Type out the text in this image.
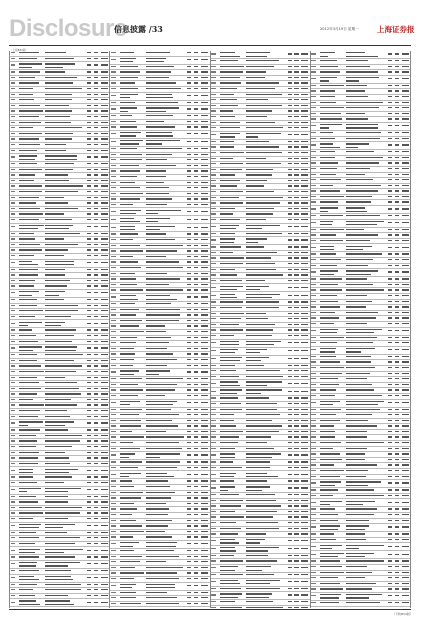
Disclosure
信息披露 /33	2012年3月19日 星期一 上海证券报
（上接B32版）
（下转B34版）
